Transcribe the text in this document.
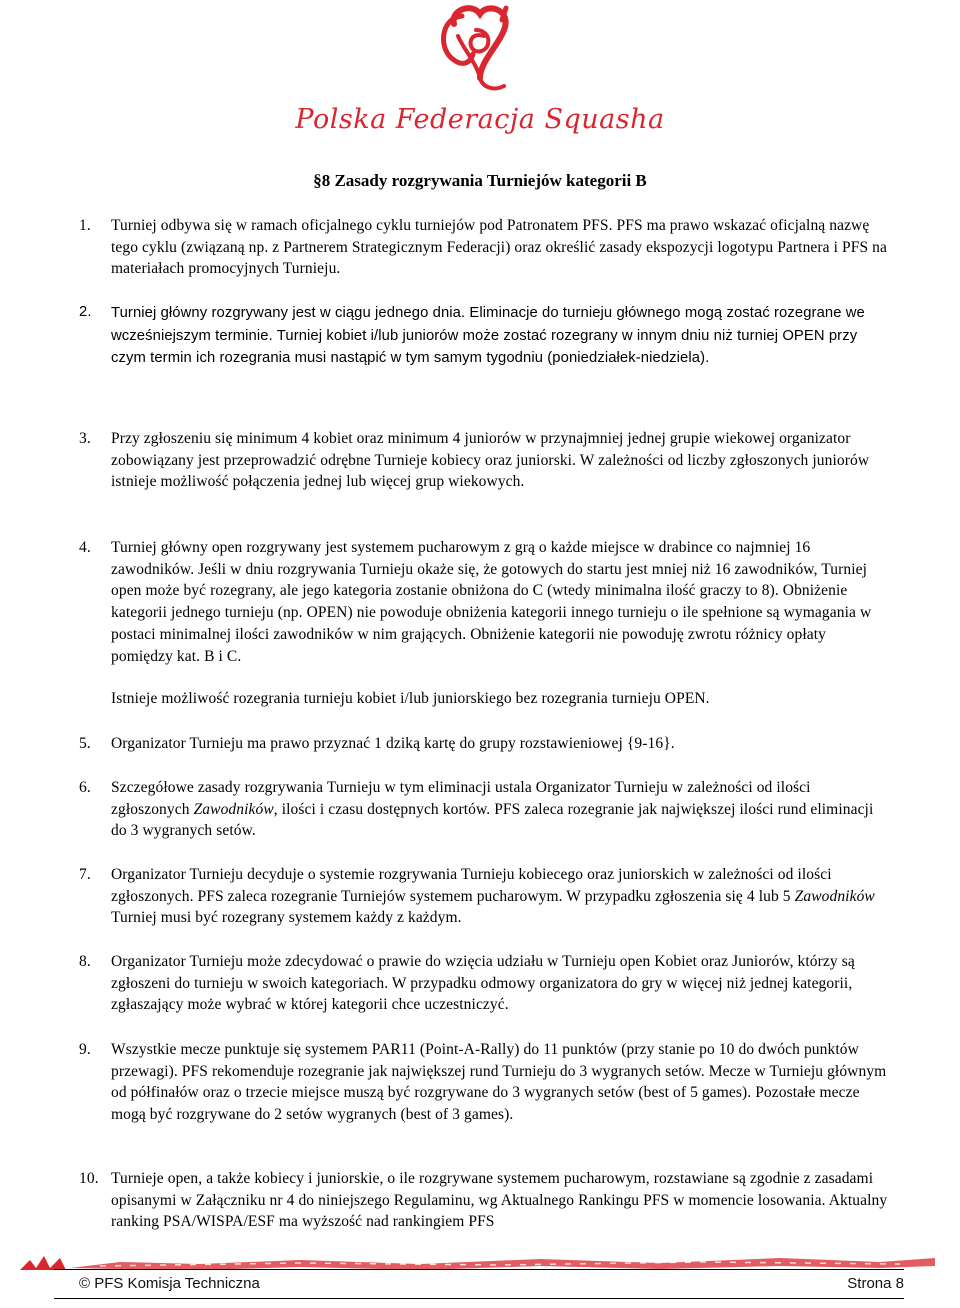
Polska Federacja Squasha
§8 Zasady rozgrywania Turniejów kategorii B
1.	Turniej odbywa się w ramach oficjalnego cyklu turniejów pod Patronatem PFS. PFS ma prawo wskazać oficjalną nazwę tego cyklu (związaną np. z Partnerem Strategicznym Federacji) oraz określić zasady ekspozycji logotypu Partnera i PFS na materiałach promocyjnych Turnieju.
2.	Turniej główny rozgrywany jest w ciągu jednego dnia. Eliminacje do turnieju głównego mogą zostać rozegrane we wcześniejszym terminie. Turniej kobiet i/lub juniorów może zostać rozegrany w innym dniu niż turniej OPEN przy czym termin ich rozegrania musi nastąpić w tym samym tygodniu (poniedziałek-niedziela).
3.	Przy zgłoszeniu się minimum 4 kobiet oraz minimum 4 juniorów w przynajmniej jednej grupie wiekowej organizator zobowiązany jest przeprowadzić odrębne Turnieje kobiecy oraz juniorski. W zależności od liczby zgłoszonych juniorów istnieje możliwość połączenia jednej lub więcej grup wiekowych.
4.	Turniej główny open rozgrywany jest systemem pucharowym z grą o każde miejsce w drabince co najmniej 16 zawodników. Jeśli w dniu rozgrywania Turnieju okaże się, że gotowych do startu jest mniej niż 16 zawodników, Turniej open może być rozegrany, ale jego kategoria zostanie obniżona do C (wtedy minimalna ilość graczy to 8). Obniżenie kategorii jednego turnieju (np. OPEN) nie powoduje obniżenia kategorii innego turnieju o ile spełnione są wymagania w postaci minimalnej ilości zawodników w nim grających. Obniżenie kategorii nie powoduję zwrotu różnicy opłaty pomiędzy kat. B i C.
Istnieje możliwość rozegrania turnieju kobiet i/lub juniorskiego bez rozegrania turnieju OPEN.
5.	Organizator Turnieju ma prawo przyznać 1 dziką kartę do grupy rozstawieniowej {9-16}.
6.	Szczegółowe zasady rozgrywania Turnieju w tym eliminacji ustala Organizator Turnieju w zależności od ilości zgłoszonych Zawodników, ilości i czasu dostępnych kortów. PFS zaleca rozegranie jak największej ilości rund eliminacji do 3 wygranych setów.
7.	Organizator Turnieju decyduje o systemie rozgrywania Turnieju kobiecego oraz juniorskich w zależności od ilości zgłoszonych. PFS zaleca rozegranie Turniejów systemem pucharowym. W przypadku zgłoszenia się 4 lub 5 Zawodników Turniej musi być rozegrany systemem każdy z każdym.
8.	Organizator Turnieju może zdecydować o prawie do wzięcia udziału w Turnieju open Kobiet oraz Juniorów, którzy są zgłoszeni do turnieju w swoich kategoriach. W przypadku odmowy organizatora do gry w więcej niż jednej kategorii, zgłaszający może wybrać w której kategorii chce uczestniczyć.
9.	Wszystkie mecze punktuje się systemem PAR11 (Point-A-Rally) do 11 punktów (przy stanie po 10 do dwóch punktów przewagi). PFS rekomenduje rozegranie jak największej rund Turnieju do 3 wygranych setów. Mecze w Turnieju głównym od półfinałów oraz o trzecie miejsce muszą być rozgrywane do 3 wygranych setów (best of 5 games). Pozostałe mecze mogą być rozgrywane do 2 setów wygranych (best of 3 games).
10. Turnieje open, a także kobiecy i juniorskie, o ile rozgrywane systemem pucharowym, rozstawiane są zgodnie z zasadami opisanymi w Załączniku nr 4 do niniejszego Regulaminu, wg Aktualnego Rankingu PFS w momencie losowania. Aktualny ranking PSA/WISPA/ESF ma wyższość nad rankingiem PFS
© PFS Komisja Techniczna	Strona 8
